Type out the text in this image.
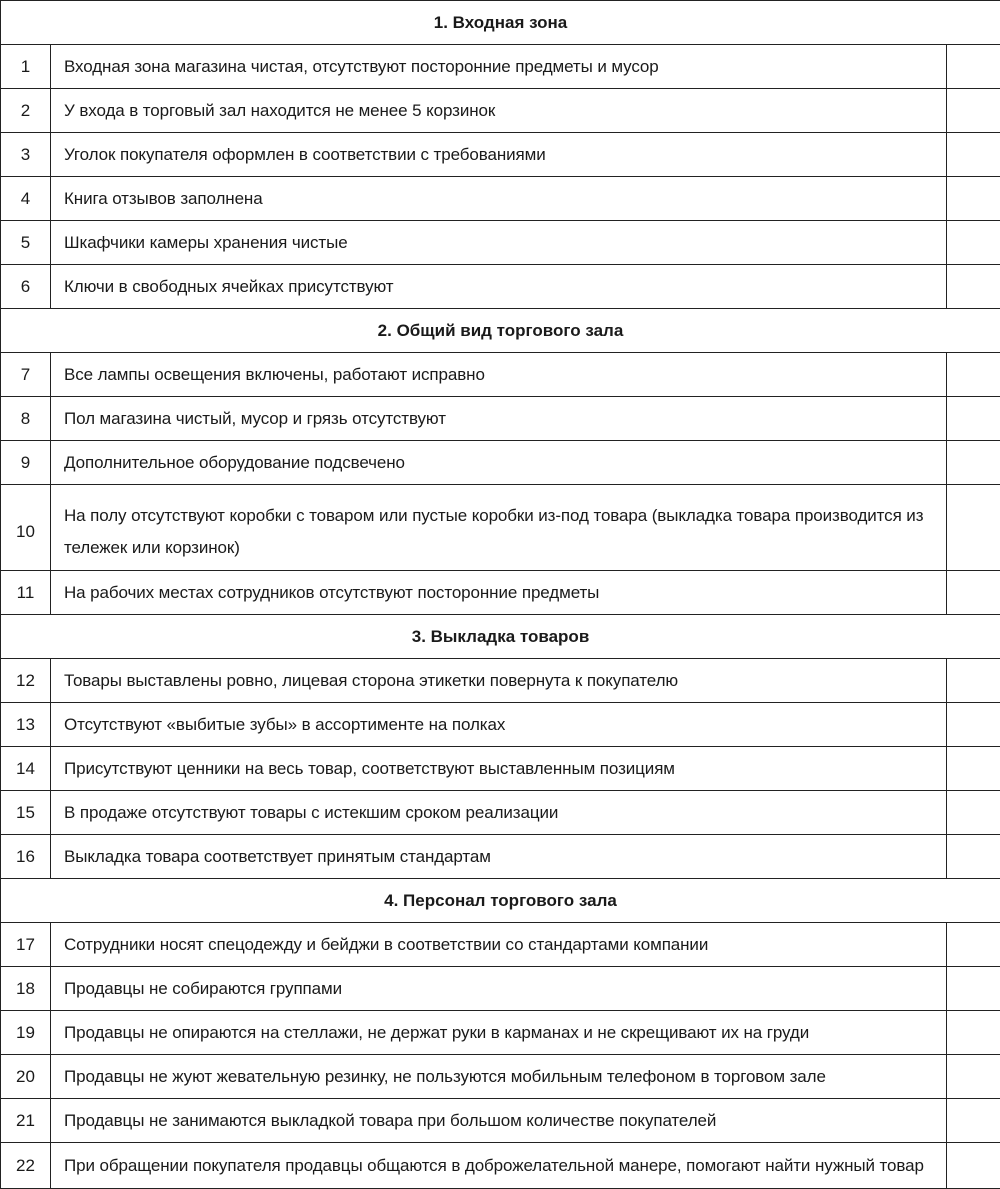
1. Входная зона		
1	Входная зона магазина чистая, отсутствуют посторонние предметы и мусор	
2	У входа в торговый зал находится не менее 5 корзинок	
3	Уголок покупателя оформлен в соответствии с требованиями	
4	Книга отзывов заполнена	
5	Шкафчики камеры хранения чистые	
6	Ключи в свободных ячейках присутствуют	
2. Общий вид торгового зала		
7	Все лампы освещения включены, работают исправно	
8	Пол магазина чистый, мусор и грязь отсутствуют	
9	Дополнительное оборудование подсвечено	
10	На полу отсутствуют коробки с товаром или пустые коробки из-под товара (выкладка товара производится из тележек или корзинок)	
11	На рабочих местах сотрудников отсутствуют посторонние предметы	
3. Выкладка товаров		
12	Товары выставлены ровно, лицевая сторона этикетки повернута к покупателю	
13	Отсутствуют «выбитые зубы» в ассортименте на полках	
14	Присутствуют ценники на весь товар, соответствуют выставленным позициям	
15	В продаже отсутствуют товары с истекшим сроком реализации	
16	Выкладка товара соответствует принятым стандартам	
4. Персонал торгового зала		
17	Сотрудники носят спецодежду и бейджи в соответствии со стандартами компании	
18	Продавцы не собираются группами	
19	Продавцы не опираются на стеллажи, не держат руки в карманах и не скрещивают их на груди	
20	Продавцы не жуют жевательную резинку, не пользуются мобильным телефоном в торговом зале	
21	Продавцы не занимаются выкладкой товара при большом количестве покупателей	
22	При обращении покупателя продавцы общаются в доброжелательной манере, помогают найти нужный товар	
